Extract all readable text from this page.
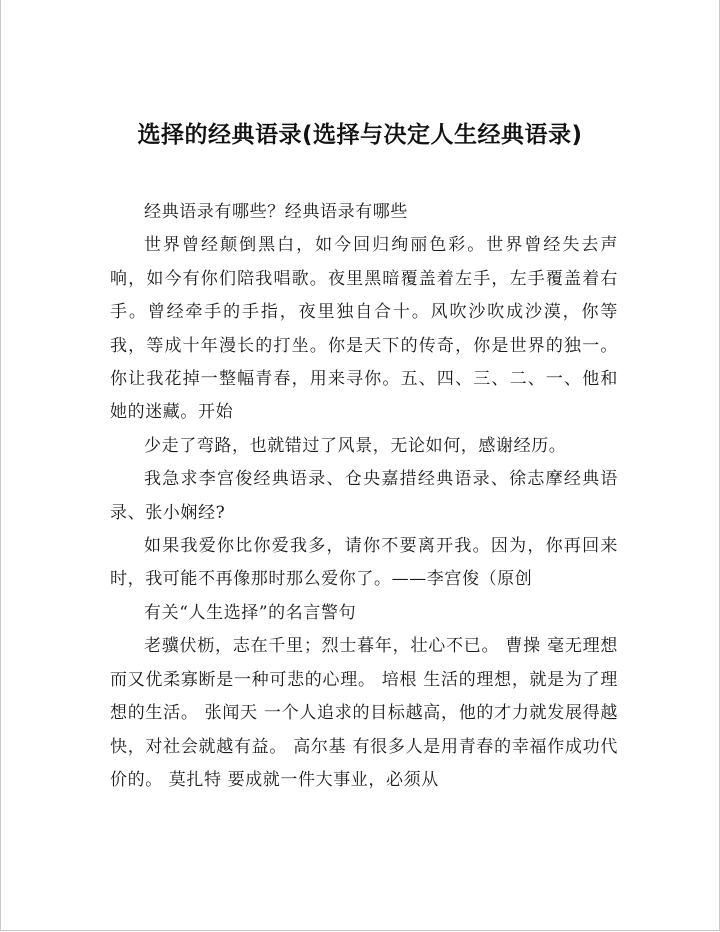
选择的经典语录(选择与决定人生经典语录)

经典语录有哪些？经典语录有哪些

世界曾经颠倒黑白，如今回归绚丽色彩。世界曾经失去声响，如今有你们陪我唱歌。夜里黑暗覆盖着左手，左手覆盖着右手。曾经牵手的手指，夜里独自合十。风吹沙吹成沙漠，你等我，等成十年漫长的打坐。你是天下的传奇，你是世界的独一。你让我花掉一整幅青春，用来寻你。五、四、三、二、一、他和她的迷藏。开始

少走了弯路，也就错过了风景，无论如何，感谢经历。

我急求李宫俊经典语录、仓央嘉措经典语录、徐志摩经典语录、张小娴经?

如果我爱你比你爱我多，请你不要离开我。因为，你再回来时，我可能不再像那时那么爱你了。——李宫俊（原创

有关“人生选择”的名言警句

老骥伏枥，志在千里；烈士暮年，壮心不已。 曹操 毫无理想而又优柔寡断是一种可悲的心理。 培根 生活的理想，就是为了理想的生活。 张闻天 一个人追求的目标越高，他的才力就发展得越快，对社会就越有益。 高尔基 有很多人是用青春的幸福作成功代价的。 莫扎特 要成就一件大事业，必须从
